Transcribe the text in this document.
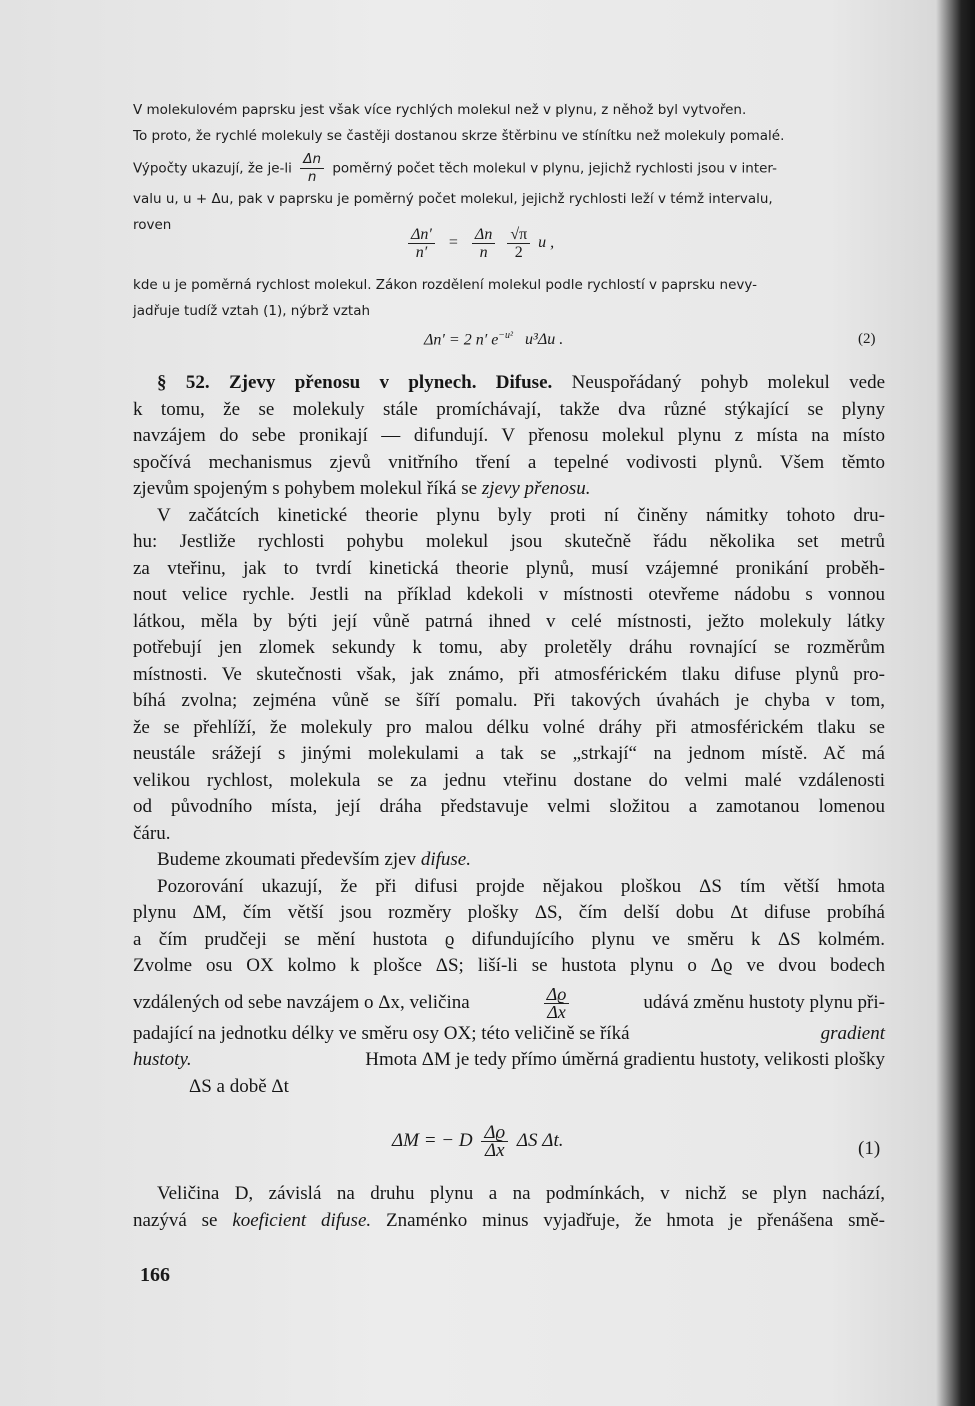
V molekulovém paprsku jest však více rychlých molekul než v plynu, z něhož byl vytvořen.
To proto, že rychlé molekuly se častěji dostanou skrze štěrbinu ve stínítku než molekuly pomalé.
Výpočty ukazují, že $je-li \frac{\Delta n}{n}$ poměrný počet těch molekul v plynu, jejichž rychlosti jsou v inter-
valu u, u + Δu, pak v paprsku je poměrný počet molekul, jejichž rychlosti leží v témž intervalu,
roven
$\frac{\Delta n'}{n'} = \frac{\Delta n}{n}$
$\frac{√\pi}{2}$ u ,
kde u je poměrná rychlost molekul. Zákon rozdělení molekul podle rychlostí v paprsku nevy-
jadřuje tudíž vztah (1), nýbrž vztah
Δn′ = 2 n′ $e^{-u^2}$ u³Δu .	(2)
§ 52. Zjevy přenosu v plynech. Difuse. Neuspořádaný pohyb molekul vede
k tomu, že se molekuly stále promíchávají, takže dva různé stýkající se plyny
navzájem do sebe pronikají — difundují. V přenosu molekul plynu z místa na místo
spočívá mechanismus zjevů vnitřního tření a tepelné vodivosti plynů. Všem těmto
zjevům spojeným s pohybem molekul říká se zjevy přenosu.
V začátcích kinetické theorie plynu byly proti ní činěny námitky tohoto dru-
hu: Jestliže rychlosti pohybu molekul jsou skutečně řádu několika set metrů
za vteřinu, jak to tvrdí kinetická theorie plynů, musí vzájemné pronikání proběh-
nout velice rychle. Jestli na příklad kdekoli v místnosti otevřeme nádobu s vonnou
látkou, měla by býti její vůně patrná ihned v celé místnosti, ježto molekuly látky
potřebují jen zlomek sekundy k tomu, aby proletěly dráhu rovnající se rozměrům
místnosti. Ve skutečnosti však, jak známo, při atmosférickém tlaku difuse plynů pro-
bíhá zvolna; zejména vůně se šíří pomalu. Při takových úvahách je chyba v tom,
že se přehlíží, že molekuly pro malou délku volné dráhy při atmosférickém tlaku se
neustále srážejí s jinými molekulami a tak se „strkají“ na jednom místě. Ač má
velikou rychlost, molekula se za jednu vteřinu dostane do velmi malé vzdálenosti
od původního místa, její dráha představuje velmi složitou a zamotanou lomenou
čáru.
Budeme zkoumati především zjev difuse.
Pozorování ukazují, že při difusi projde nějakou ploškou ΔS tím větší hmota
plynu ΔM, čím větší jsou rozměry plošky ΔS, čím delší dobu Δt difuse probíhá
a čím prudčeji se mění hustota ϱ difundujícího plynu ve směru k ΔS kolmém.
Zvolme osu OX kolmo k plošce ΔS; liší-li se hustota plynu o Δϱ ve dvou bodech
vzdálených od sebe navzájem o Δx, veličina	$\frac{\Delta ϱ}{\Delta x}$	udává změnu hustoty plynu při-
padající na jednotku délky ve směru osy OX; této veličině se říká	gradient
hustoty.	Hmota ΔM je tedy přímo úměrná gradientu hustoty, velikosti plošky
ΔS a době Δt
ΔM = − D $\frac{\Delta ϱ}{\Delta x}$ ΔS Δt.	(1)
Veličina D, závislá na druhu plynu a na podmínkách, v nichž se plyn nachází,
nazývá se koeficient difuse. Znaménko minus vyjadřuje, že hmota je přenášena smě-
166
